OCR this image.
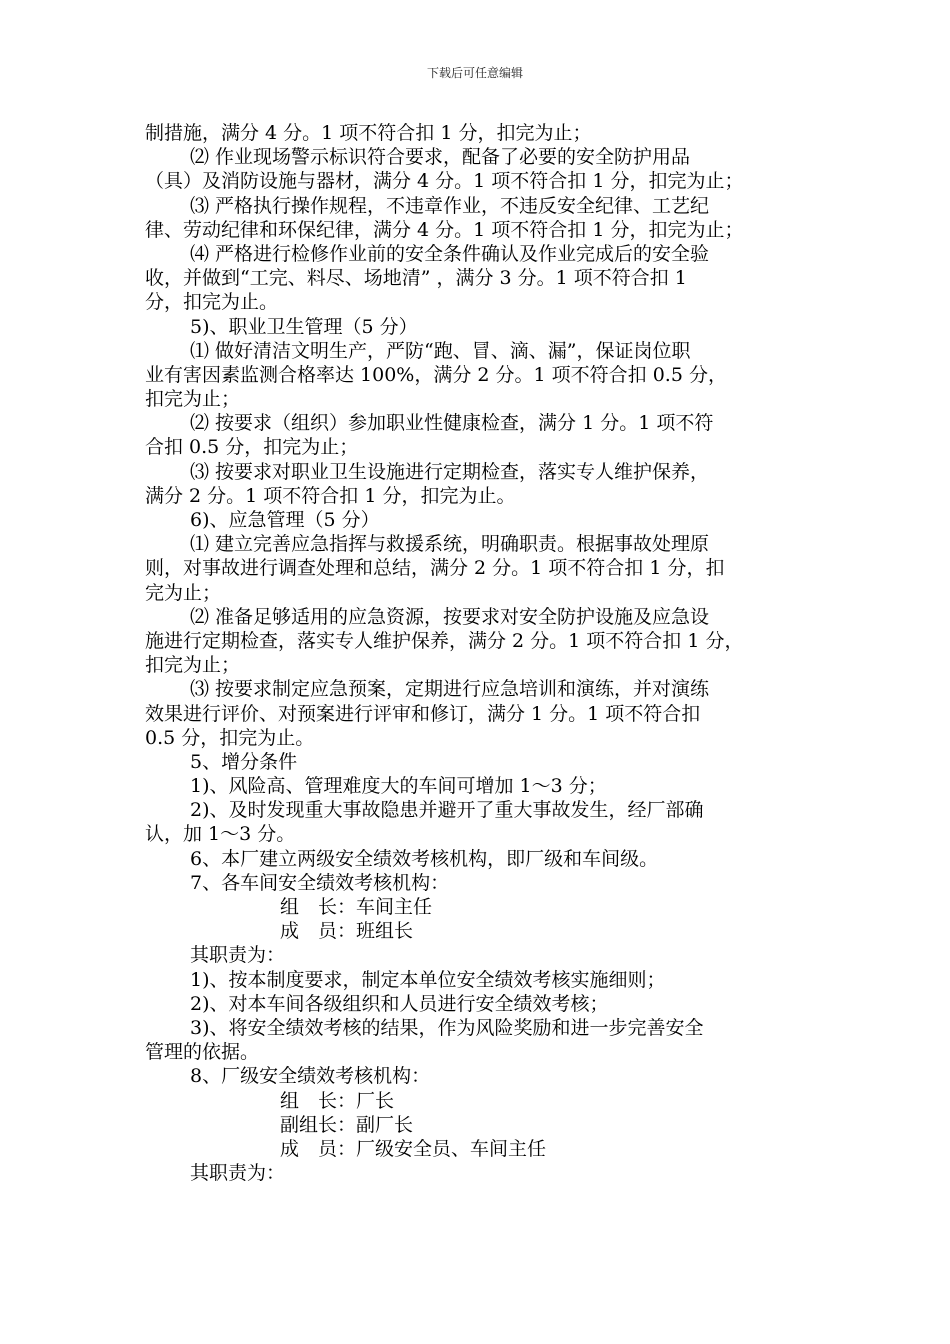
下载后可任意编辑
制措施，满分 4 分。1 项不符合扣 1 分，扣完为止；
⑵ 作业现场警示标识符合要求，配备了必要的安全防护用品
（具）及消防设施与器材，满分 4 分。1 项不符合扣 1 分，扣完为止；
⑶ 严格执行操作规程，不违章作业，不违反安全纪律、工艺纪
律、劳动纪律和环保纪律，满分 4 分。1 项不符合扣 1 分，扣完为止；
⑷ 严格进行检修作业前的安全条件确认及作业完成后的安全验
收，并做到“工完、料尽、场地清” ，满分 3 分。1 项不符合扣 1
分，扣完为止。
5)、职业卫生管理（5 分）
⑴ 做好清洁文明生产，严防“跑、冒、滴、漏”，保证岗位职
业有害因素监测合格率达 100%，满分 2 分。1 项不符合扣 0.5 分，
扣完为止；
⑵ 按要求（组织）参加职业性健康检查，满分 1 分。1 项不符
合扣 0.5 分，扣完为止；
⑶ 按要求对职业卫生设施进行定期检查，落实专人维护保养，
满分 2 分。1 项不符合扣 1 分，扣完为止。
6)、应急管理（5 分）
⑴ 建立完善应急指挥与救援系统，明确职责。根据事故处理原
则，对事故进行调查处理和总结，满分 2 分。1 项不符合扣 1 分，扣
完为止；
⑵ 准备足够适用的应急资源，按要求对安全防护设施及应急设
施进行定期检查，落实专人维护保养，满分 2 分。1 项不符合扣 1 分，
扣完为止；
⑶ 按要求制定应急预案，定期进行应急培训和演练，并对演练
效果进行评价、对预案进行评审和修订，满分 1 分。1 项不符合扣
0.5 分，扣完为止。
5、增分条件
1)、风险高、管理难度大的车间可增加 1～3 分；
2)、及时发现重大事故隐患并避开了重大事故发生，经厂部确
认，加 1～3 分。
6、本厂建立两级安全绩效考核机构，即厂级和车间级。
7、各车间安全绩效考核机构：
组　长：车间主任
成　员：班组长
其职责为：
1)、按本制度要求，制定本单位安全绩效考核实施细则；
2)、对本车间各级组织和人员进行安全绩效考核；
3)、将安全绩效考核的结果，作为风险奖励和进一步完善安全
管理的依据。
8、厂级安全绩效考核机构：
组　长：厂长
副组长：副厂长
成　员：厂级安全员、车间主任
其职责为：
